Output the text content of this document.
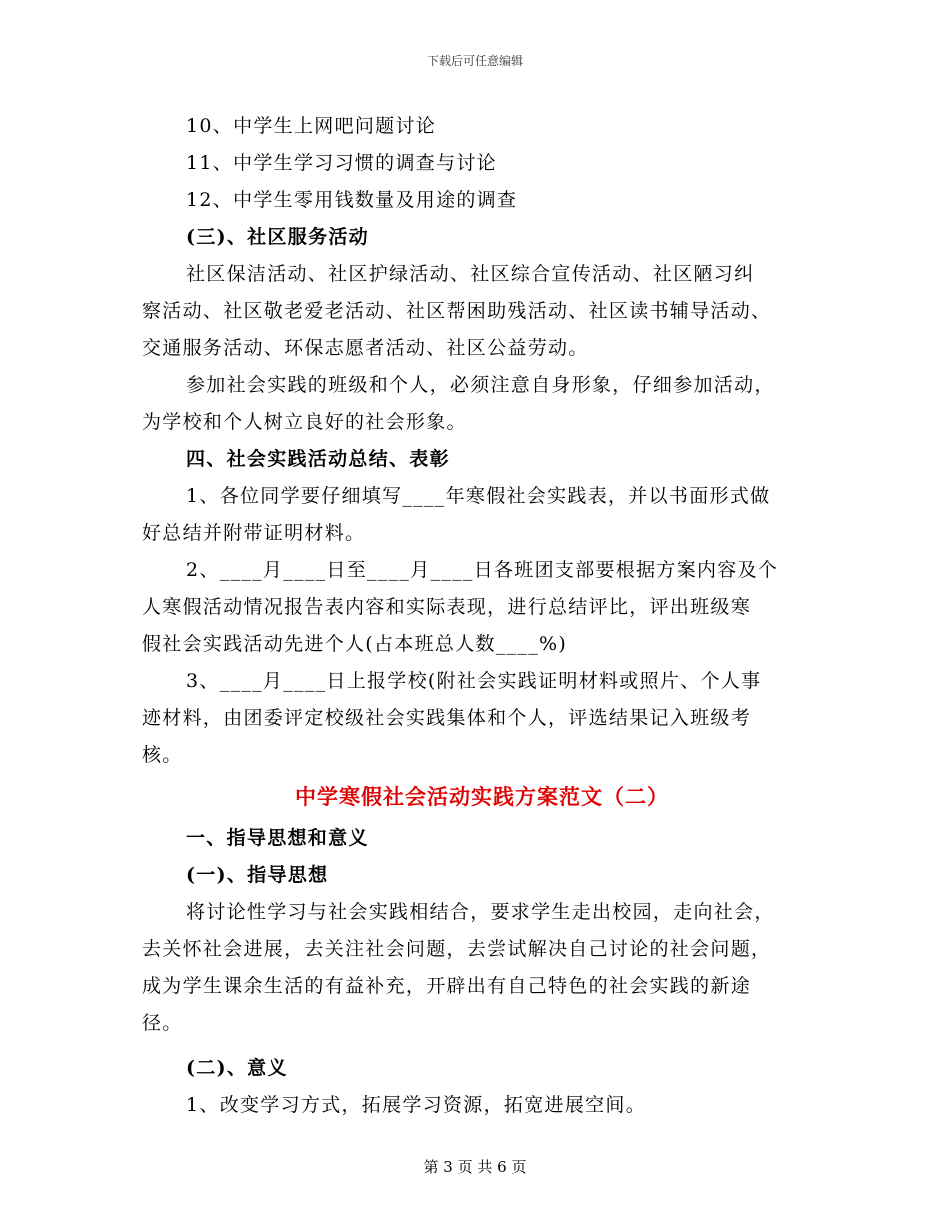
下载后可任意编辑
10、中学生上网吧问题讨论
11、中学生学习习惯的调查与讨论
12、中学生零用钱数量及用途的调查
(三)、社区服务活动
社区保洁活动、社区护绿活动、社区综合宣传活动、社区陋习纠
察活动、社区敬老爱老活动、社区帮困助残活动、社区读书辅导活动、
交通服务活动、环保志愿者活动、社区公益劳动。
参加社会实践的班级和个人，必须注意自身形象，仔细参加活动，
为学校和个人树立良好的社会形象。
四、社会实践活动总结、表彰
1、各位同学要仔细填写____年寒假社会实践表，并以书面形式做
好总结并附带证明材料。
2、____月____日至____月____日各班团支部要根据方案内容及个
人寒假活动情况报告表内容和实际表现，进行总结评比，评出班级寒
假社会实践活动先进个人(占本班总人数____%)
3、____月____日上报学校(附社会实践证明材料或照片、个人事
迹材料，由团委评定校级社会实践集体和个人，评选结果记入班级考
核。
中学寒假社会活动实践方案范文（二）
一、指导思想和意义
(一)、指导思想
将讨论性学习与社会实践相结合，要求学生走出校园，走向社会，
去关怀社会进展，去关注社会问题，去尝试解决自己讨论的社会问题，
成为学生课余生活的有益补充，开辟出有自己特色的社会实践的新途
径。
(二)、意义
1、改变学习方式，拓展学习资源，拓宽进展空间。
第 3 页 共 6 页
